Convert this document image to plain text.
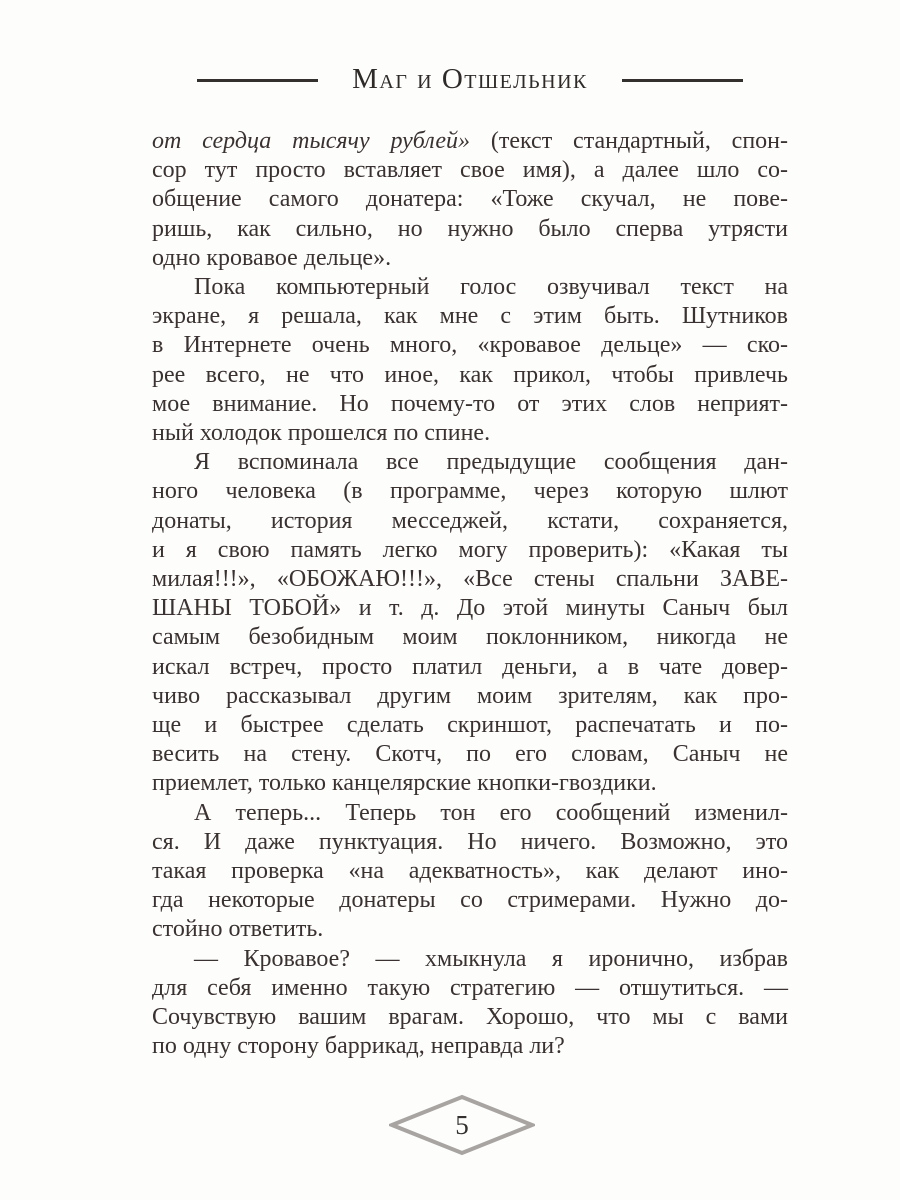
Маг и Отшельник
от сердца тысячу рублей» (текст стандартный, спон-
сор тут просто вставляет свое имя), а далее шло со-
общение самого донатера: «Тоже скучал, не пове-
ришь, как сильно, но нужно было сперва утрясти
одно кровавое дельце».
Пока компьютерный голос озвучивал текст на
экране, я решала, как мне с этим быть. Шутников
в Интернете очень много, «кровавое дельце» — ско-
рее всего, не что иное, как прикол, чтобы привлечь
мое внимание. Но почему-то от этих слов неприят-
ный холодок прошелся по спине.
Я вспоминала все предыдущие сообщения дан-
ного человека (в программе, через которую шлют
донаты, история месседжей, кстати, сохраняется,
и я свою память легко могу проверить): «Какая ты
милая!!!», «ОБОЖАЮ!!!», «Все стены спальни ЗАВЕ-
ШАНЫ ТОБОЙ» и т. д. До этой минуты Саныч был
самым безобидным моим поклонником, никогда не
искал встреч, просто платил деньги, а в чате довер-
чиво рассказывал другим моим зрителям, как про-
ще и быстрее сделать скриншот, распечатать и по-
весить на стену. Скотч, по его словам, Саныч не
приемлет, только канцелярские кнопки-гвоздики.
А теперь... Теперь тон его сообщений изменил-
ся. И даже пунктуация. Но ничего. Возможно, это
такая проверка «на адекватность», как делают ино-
гда некоторые донатеры со стримерами. Нужно до-
стойно ответить.
— Кровавое? — хмыкнула я иронично, избрав
для себя именно такую стратегию — отшутиться. —
Сочувствую вашим врагам. Хорошо, что мы с вами
по одну сторону баррикад, неправда ли?
5
